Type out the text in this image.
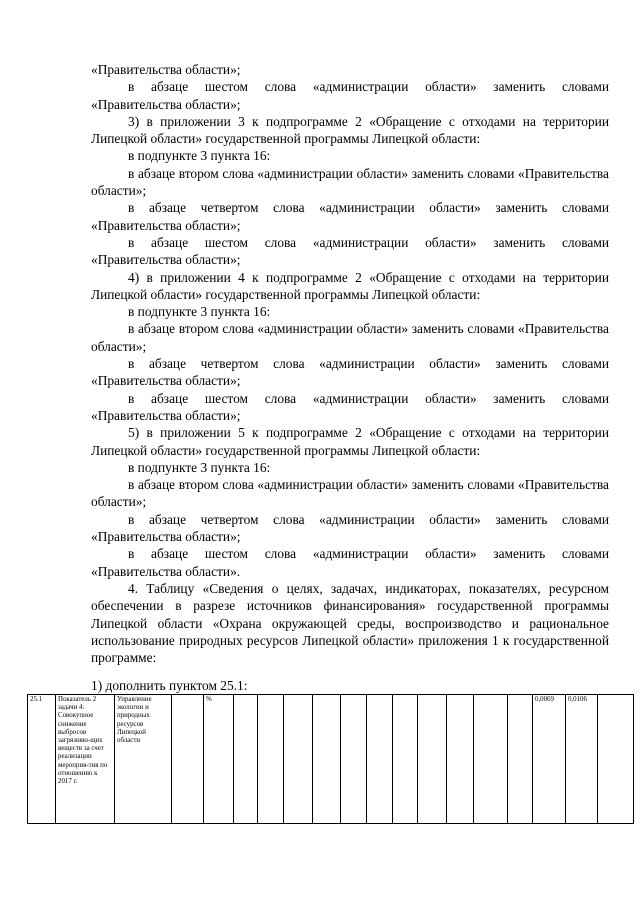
«Правительства области»;

в абзаце шестом слова «администрации области» заменить словами «Правительства области»;

3) в приложении 3 к подпрограмме 2 «Обращение с отходами на территории Липецкой области» государственной программы Липецкой области:

в подпункте 3 пункта 16:

в абзаце втором слова «администрации области» заменить словами «Правительства области»;

в абзаце четвертом слова «администрации области» заменить словами «Правительства области»;

в абзаце шестом слова «администрации области» заменить словами «Правительства области»;

4) в приложении 4 к подпрограмме 2 «Обращение с отходами на территории Липецкой области» государственной программы Липецкой области:

в подпункте 3 пункта 16:

в абзаце втором слова «администрации области» заменить словами «Правительства области»;

в абзаце четвертом слова «администрации области» заменить словами «Правительства области»;

в абзаце шестом слова «администрации области» заменить словами «Правительства области»;

5) в приложении 5 к подпрограмме 2 «Обращение с отходами на территории Липецкой области» государственной программы Липецкой области:

в подпункте 3 пункта 16:

в абзаце втором слова «администрации области» заменить словами «Правительства области»;

в абзаце четвертом слова «администрации области» заменить словами «Правительства области»;

в абзаце шестом слова «администрации области» заменить словами «Правительства области».

4. Таблицу «Сведения о целях, задачах, индикаторах, показателях, ресурсном обеспечении в разрезе источников финансирования» государственной программы Липецкой области «Охрана окружающей среды, воспроизводство и рациональное использование природных ресурсов Липецкой области» приложения 1 к государственной программе:

1) дополнить пунктом 25.1:
25.1	Показатель 2 задачи 4: Совокупное снижение выбросов загрязняю-щих веществ за счет реализации мероприя-тия по отношению к 2017 г.	Управление экологии и природных ресурсов Липецкой области		%												0,0069	0,0106	
